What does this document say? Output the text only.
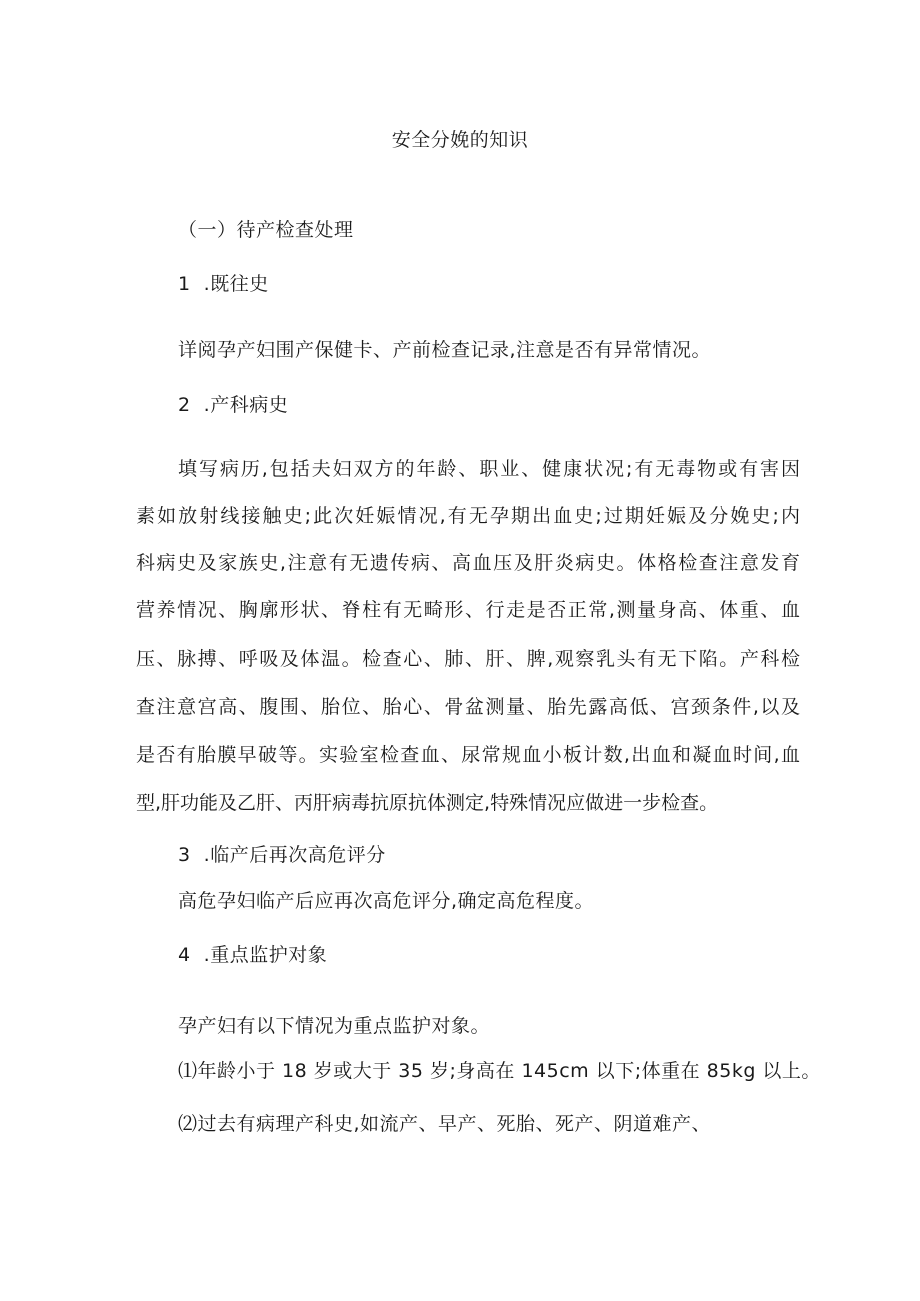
安全分娩的知识
（一）待产检查处理
1  .既往史
详阅孕产妇围产保健卡、产前检查记录,注意是否有异常情况。
2  .产科病史
填写病历,包括夫妇双方的年龄、职业、健康状况;有无毒物或有害因
素如放射线接触史;此次妊娠情况,有无孕期出血史;过期妊娠及分娩史;内
科病史及家族史,注意有无遗传病、高血压及肝炎病史。体格检查注意发育
营养情况、胸廓形状、脊柱有无畸形、行走是否正常,测量身高、体重、血
压、脉搏、呼吸及体温。检查心、肺、肝、脾,观察乳头有无下陷。产科检
查注意宫高、腹围、胎位、胎心、骨盆测量、胎先露高低、宫颈条件,以及
是否有胎膜早破等。实验室检查血、尿常规血小板计数,出血和凝血时间,血
型,肝功能及乙肝、丙肝病毒抗原抗体测定,特殊情况应做进一步检查。
3  .临产后再次高危评分
高危孕妇临产后应再次高危评分,确定高危程度。
4  .重点监护对象
孕产妇有以下情况为重点监护对象。
⑴年龄小于 18 岁或大于 35 岁;身高在 145cm 以下;体重在 85kg 以上。
⑵过去有病理产科史,如流产、早产、死胎、死产、阴道难产、
